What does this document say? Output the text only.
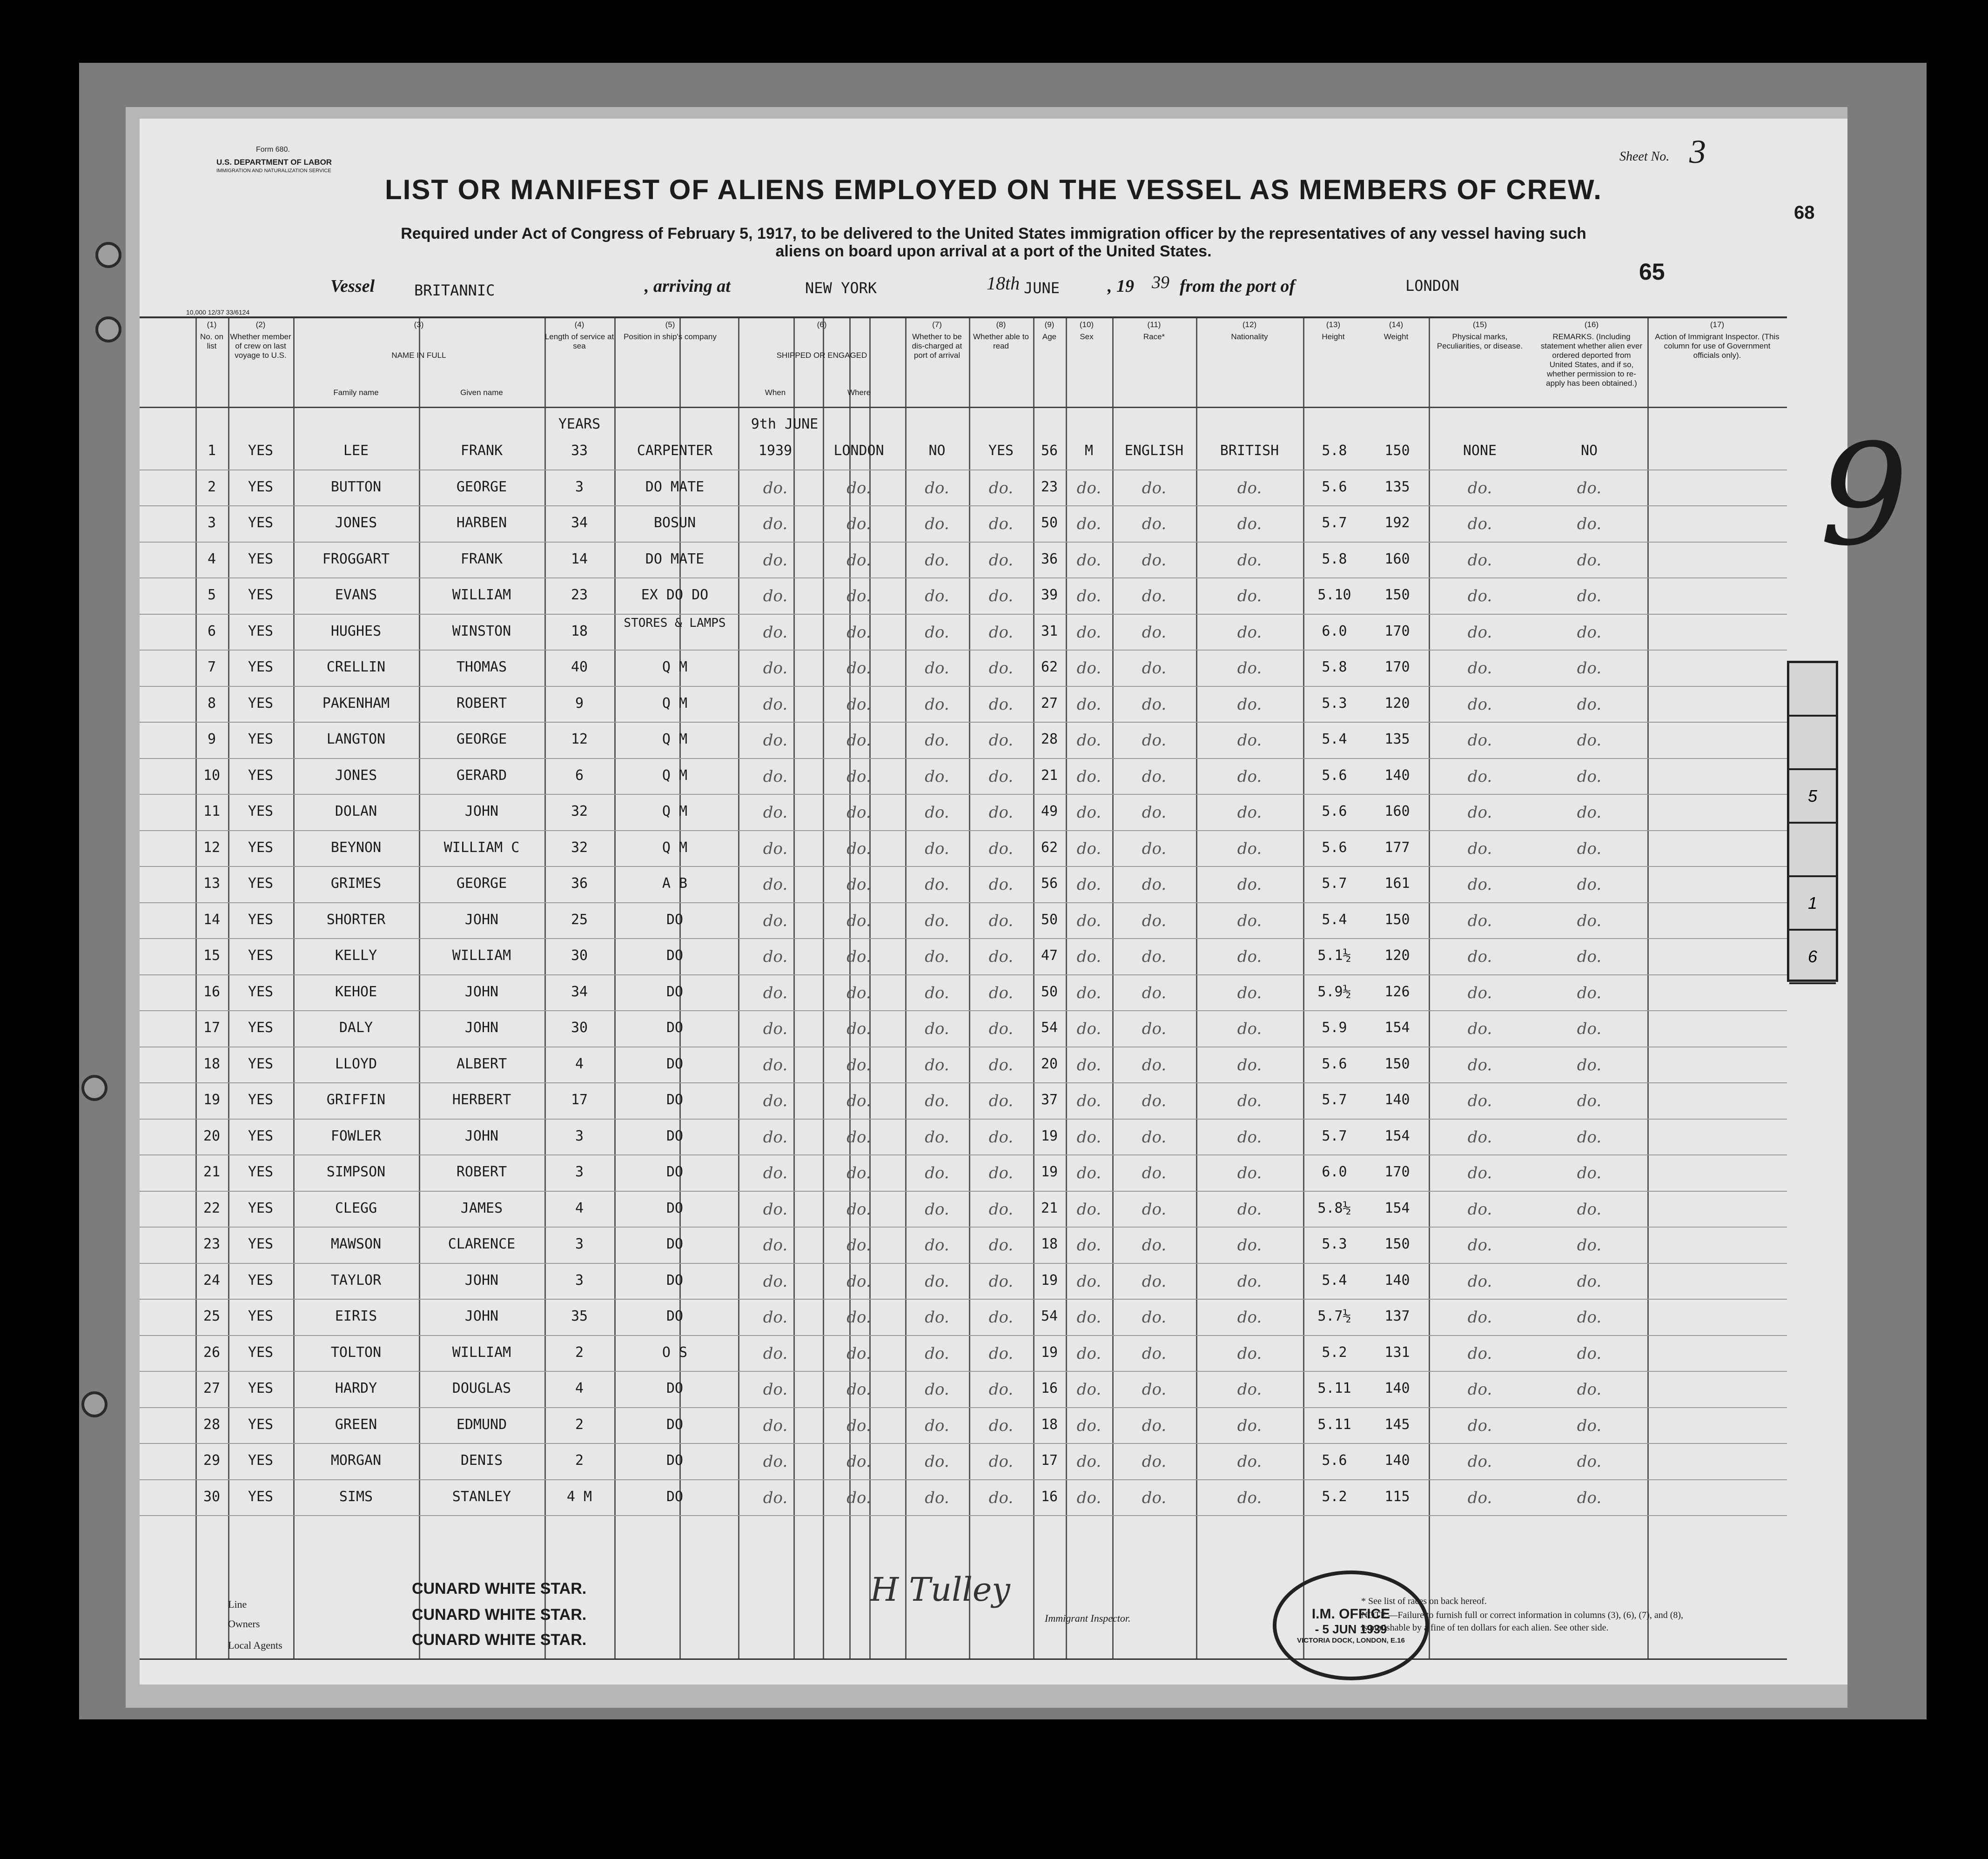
Form 680.
U.S. DEPARTMENT OF LABOR
IMMIGRATION AND NATURALIZATION SERVICE
Sheet No. 3
68
LIST OR MANIFEST OF ALIENS EMPLOYED ON THE VESSEL AS MEMBERS OF CREW.
Required under Act of Congress of February 5, 1917, to be delivered to the United States immigration officer by the representatives of any vessel having such
aliens on board upon arrival at a port of the United States.
Vessel	BRITANNIC	, arriving at	NEW YORK	18th JUNE	, 19 39 from the port of	LONDON
65
10,000 12/37 33/6124
(1)
No. on list
(2)
Whether member of crew on last voyage to U.S.
(3)
NAME IN FULL
(4)
Length of service at sea
(5)
Position in ship's company
(6)
SHIPPED OR ENGAGED
(7)
Whether to be dis-charged at port of arrival
(8)
Whether able to read
(9)
Age
(10)
Sex
(11)
Race*
(12)
Nationality
(13)
Height
(14)
Weight
(15)
Physical marks, Peculiarities, or disease.
(16)
REMARKS. (Including statement whether alien ever ordered deported from United States, and if so, whether permission to re-apply has been obtained.)
(17)
Action of Immigrant Inspector. (This column for use of Government officials only).
Family name	Given name	When	Where
YEARS	9th JUNE
1	YES	LEE	FRANK	33	CARPENTER	1939	LONDON	NO	YES	56	M	ENGLISH	BRITISH	5.8	150	NONE	NO
2	YES	BUTTON	GEORGE	3	DO MATE	do.	do.	do.	do.	23	do.	do.	do.	5.6	135	do.	do.
3	YES	JONES	HARBEN	34	BOSUN	do.	do.	do.	do.	50	do.	do.	do.	5.7	192	do.	do.
4	YES	FROGGART	FRANK	14	DO MATE	do.	do.	do.	do.	36	do.	do.	do.	5.8	160	do.	do.
5	YES	EVANS	WILLIAM	23	EX DO DO	do.	do.	do.	do.	39	do.	do.	do.	5.10	150	do.	do.
6	YES	HUGHES	WINSTON	18	STORES & LAMPS	do.	do.	do.	do.	31	do.	do.	do.	6.0	170	do.	do.
7	YES	CRELLIN	THOMAS	40	Q M	do.	do.	do.	do.	62	do.	do.	do.	5.8	170	do.	do.
8	YES	PAKENHAM	ROBERT	9	Q M	do.	do.	do.	do.	27	do.	do.	do.	5.3	120	do.	do.
9	YES	LANGTON	GEORGE	12	Q M	do.	do.	do.	do.	28	do.	do.	do.	5.4	135	do.	do.
10	YES	JONES	GERARD	6	Q M	do.	do.	do.	do.	21	do.	do.	do.	5.6	140	do.	do.
11	YES	DOLAN	JOHN	32	Q M	do.	do.	do.	do.	49	do.	do.	do.	5.6	160	do.	do.
12	YES	BEYNON	WILLIAM C	32	Q M	do.	do.	do.	do.	62	do.	do.	do.	5.6	177	do.	do.
13	YES	GRIMES	GEORGE	36	A B	do.	do.	do.	do.	56	do.	do.	do.	5.7	161	do.	do.
14	YES	SHORTER	JOHN	25	DO	do.	do.	do.	do.	50	do.	do.	do.	5.4	150	do.	do.
15	YES	KELLY	WILLIAM	30	DO	do.	do.	do.	do.	47	do.	do.	do.	5.1½	120	do.	do.
16	YES	KEHOE	JOHN	34	DO	do.	do.	do.	do.	50	do.	do.	do.	5.9½	126	do.	do.
17	YES	DALY	JOHN	30	DO	do.	do.	do.	do.	54	do.	do.	do.	5.9	154	do.	do.
18	YES	LLOYD	ALBERT	4	DO	do.	do.	do.	do.	20	do.	do.	do.	5.6	150	do.	do.
19	YES	GRIFFIN	HERBERT	17	DO	do.	do.	do.	do.	37	do.	do.	do.	5.7	140	do.	do.
20	YES	FOWLER	JOHN	3	DO	do.	do.	do.	do.	19	do.	do.	do.	5.7	154	do.	do.
21	YES	SIMPSON	ROBERT	3	DO	do.	do.	do.	do.	19	do.	do.	do.	6.0	170	do.	do.
22	YES	CLEGG	JAMES	4	DO	do.	do.	do.	do.	21	do.	do.	do.	5.8½	154	do.	do.
23	YES	MAWSON	CLARENCE	3	DO	do.	do.	do.	do.	18	do.	do.	do.	5.3	150	do.	do.
24	YES	TAYLOR	JOHN	3	DO	do.	do.	do.	do.	19	do.	do.	do.	5.4	140	do.	do.
25	YES	EIRIS	JOHN	35	DO	do.	do.	do.	do.	54	do.	do.	do.	5.7½	137	do.	do.
26	YES	TOLTON	WILLIAM	2	O S	do.	do.	do.	do.	19	do.	do.	do.	5.2	131	do.	do.
27	YES	HARDY	DOUGLAS	4	DO	do.	do.	do.	do.	16	do.	do.	do.	5.11	140	do.	do.
28	YES	GREEN	EDMUND	2	DO	do.	do.	do.	do.	18	do.	do.	do.	5.11	145	do.	do.
29	YES	MORGAN	DENIS	2	DO	do.	do.	do.	do.	17	do.	do.	do.	5.6	140	do.	do.
30	YES	SIMS	STANLEY	4 M	DO	do.	do.	do.	do.	16	do.	do.	do.	5.2	115	do.	do.
I.M. OFFICE
- 5 JUN 1939
VICTORIA DOCK, LONDON, E.16
Line
CUNARD WHITE STAR.
Owners
CUNARD WHITE STAR.
Local Agents	CUNARD WHITE STAR.
H Tulley
Immigrant Inspector.
* See list of races on back hereof.
NOTE.—Failure to furnish full or correct information in columns (3), (6), (7), and (8),
is punishable by a fine of ten dollars for each alien. See other side.
9
5
1
6
